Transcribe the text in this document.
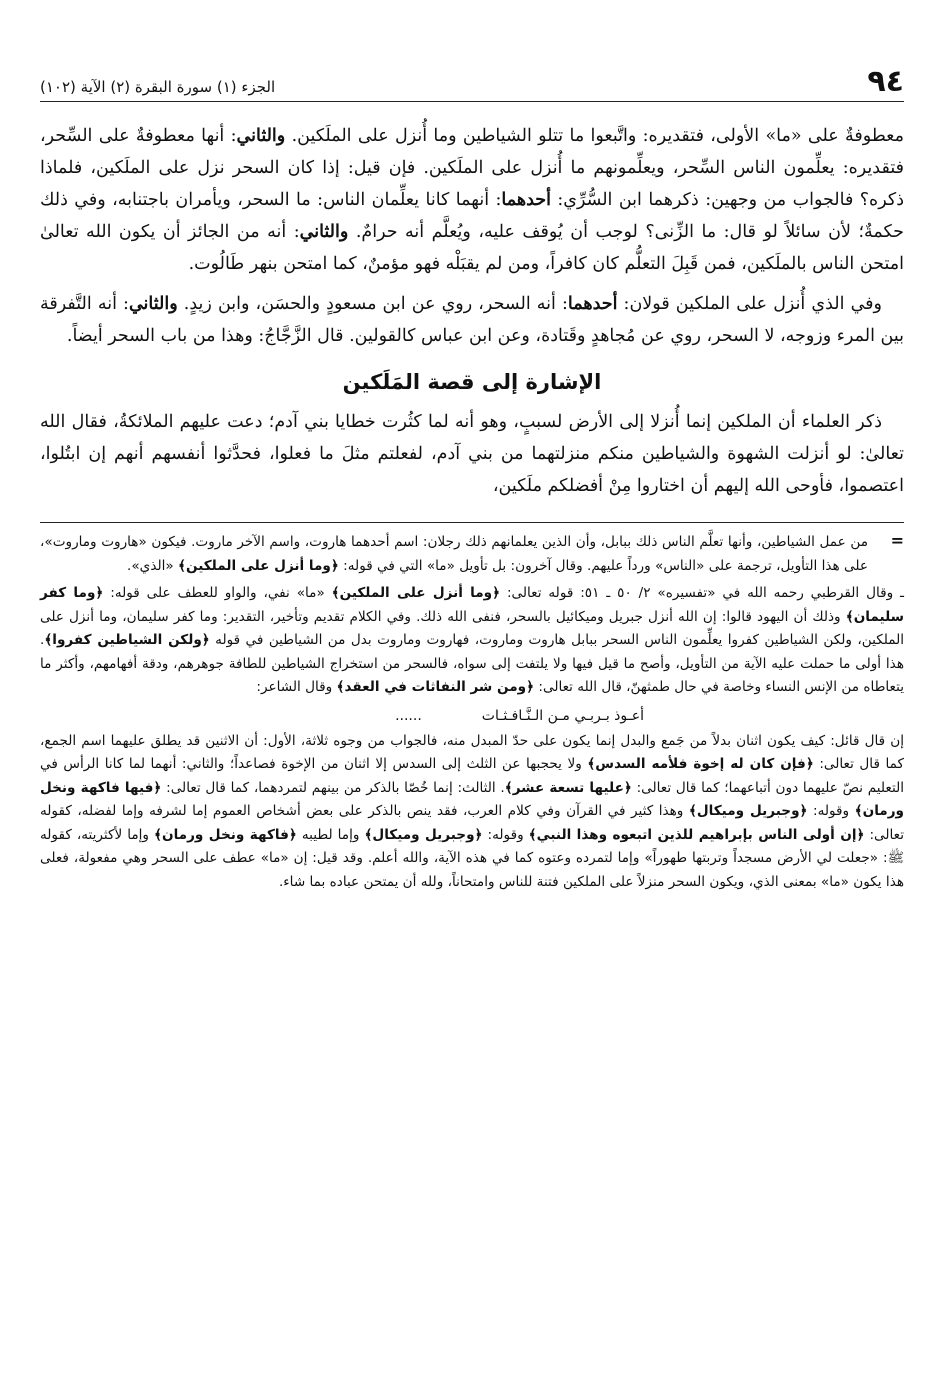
٩٤
الجزء (١) سورة البقرة (٢) الآية (١٠٢)

معطوفةٌ على «ما» الأولى، فتقديره: واتَّبعوا ما تتلو الشياطين وما أُنزل على الملَكين. والثاني: أنها معطوفةٌ على السِّحر، فتقديره: يعلِّمون الناس السِّحر، ويعلِّمونهم ما أُنزل على الملَكين. فإن قيل: إذا كان السحر نزل على الملَكين، فلماذا ذكره؟ فالجواب من وجهين: ذكرهما ابن السُّرِّي: أحدهما: أنهما كانا يعلِّمان الناس: ما السحر، ويأمران باجتنابه، وفي ذلك حكمةٌ؛ لأن سائلاً لو قال: ما الزِّنى؟ لوجب أن يُوقف عليه، ويُعلَّم أنه حرامٌ. والثاني: أنه من الجائز أن يكون الله تعالىٰ امتحن الناس بالملَكين، فمن قَبِلَ التعلُّم كان كافراً، ومن لم يقبَلْه فهو مؤمنٌ، كما امتحن بنهر طَالُوت.

وفي الذي أُنزل على الملكين قولان: أحدهما: أنه السحر، روي عن ابن مسعودٍ والحسَن، وابن زيدٍ. والثاني: أنه التَّفرقة بين المرء وزوجه، لا السحر، روي عن مُجاهدٍ وقَتادة، وعن ابن عباس كالقولين. قال الزَّجَّاجُ: وهذا من باب السحر أيضاً.

الإشارة إلى قصة المَلَكين

ذكر العلماء أن الملكين إنما أُنزلا إلى الأرض لسببٍ، وهو أنه لما كثُرت خطايا بني آدم؛ دعت عليهم الملائكةُ، فقال الله تعالىٰ: لو أنزلت الشهوة والشياطين منكم منزلتهما من بني آدم، لفعلتم مثلَ ما فعلوا، فحدَّثوا أنفسهم أنهم إن ابتُلوا، اعتصموا، فأوحى الله إليهم أن اختاروا مِنْ أفضلكم ملَكين،

=

من عمل الشياطين، وأنها تعلَّم الناس ذلك ببابل، وأن الذين يعلمانهم ذلك رجلان: اسم أحدهما هاروت، واسم الآخر ماروت. فيكون «هاروت وماروت»، على هذا التأويل، ترجمة على «الناس» ورداً عليهم. وقال آخرون: بل تأويل «ما» التي في قوله: ﴿وما أنزل على الملكين﴾ «الذي».

ـ وقال القرطبي رحمه الله في «تفسيره» ٢/ ٥٠ ـ ٥١: قوله تعالى: ﴿وما أنزل على الملكين﴾ «ما» نفي، والواو للعطف على قوله: ﴿وما كفر سليمان﴾ وذلك أن اليهود قالوا: إن الله أنزل جبريل وميكائيل بالسحر، فنفى الله ذلك. وفي الكلام تقديم وتأخير، التقدير: وما كفر سليمان، وما أنزل على الملكين، ولكن الشياطين كفروا يعلِّمون الناس السحر ببابل هاروت وماروت، فهاروت وماروت بدل من الشياطين في قوله ﴿ولكن الشياطين كفروا﴾. هذا أولى ما حملت عليه الآية من التأويل، وأصح ما قيل فيها ولا يلتفت إلى سواه، فالسحر من استخراج الشياطين للطافة جوهرهم، ودقة أفهامهم، وأكثر ما يتعاطاه من الإنس النساء وخاصة في حال طمثهنّ، قال الله تعالى: ﴿ومن شر النفاثات في العقد﴾ وقال الشاعر:

أعـوذ بـربـي مـن الـنَّـافـثـات......

إن قال قائل: كيف يكون اثنان بدلاً من جَمع والبدل إنما يكون على حدّ المبدل منه، فالجواب من وجوه ثلاثة، الأول: أن الاثنين قد يطلق عليهما اسم الجمع، كما قال تعالى: ﴿فإن كان له إخوة فلأمه السدس﴾ ولا يحجبها عن الثلث إلى السدس إلا اثنان من الإخوة فصاعداً؛ والثاني: أنهما لما كانا الرأس في التعليم نصّ عليهما دون أتباعهما؛ كما قال تعالى: ﴿عليها تسعة عشر﴾. الثالث: إنما خُصّا بالذكر من بينهم لتمردهما، كما قال تعالى: ﴿فيها فاكهة ونخل ورمان﴾ وقوله: ﴿وجبريل وميكال﴾ وهذا كثير في القرآن وفي كلام العرب، فقد ينص بالذكر على بعض أشخاص العموم إما لشرفه وإما لفضله، كقوله تعالى: ﴿إن أولى الناس بإبراهيم للذين اتبعوه وهذا النبي﴾ وقوله: ﴿وجبريل وميكال﴾ وإما لطيبه ﴿فاكهة ونخل ورمان﴾ وإما لأكثريته، كقوله ﷺ: «جعلت لي الأرض مسجداً وتربتها طهوراً» وإما لتمرده وعتوه كما في هذه الآية، والله أعلم. وقد قيل: إن «ما» عطف على السحر وهي مفعولة، فعلى هذا يكون «ما» بمعنى الذي، ويكون السحر منزلاً على الملكين فتنة للناس وامتحاناً، ولله أن يمتحن عباده بما شاء.
